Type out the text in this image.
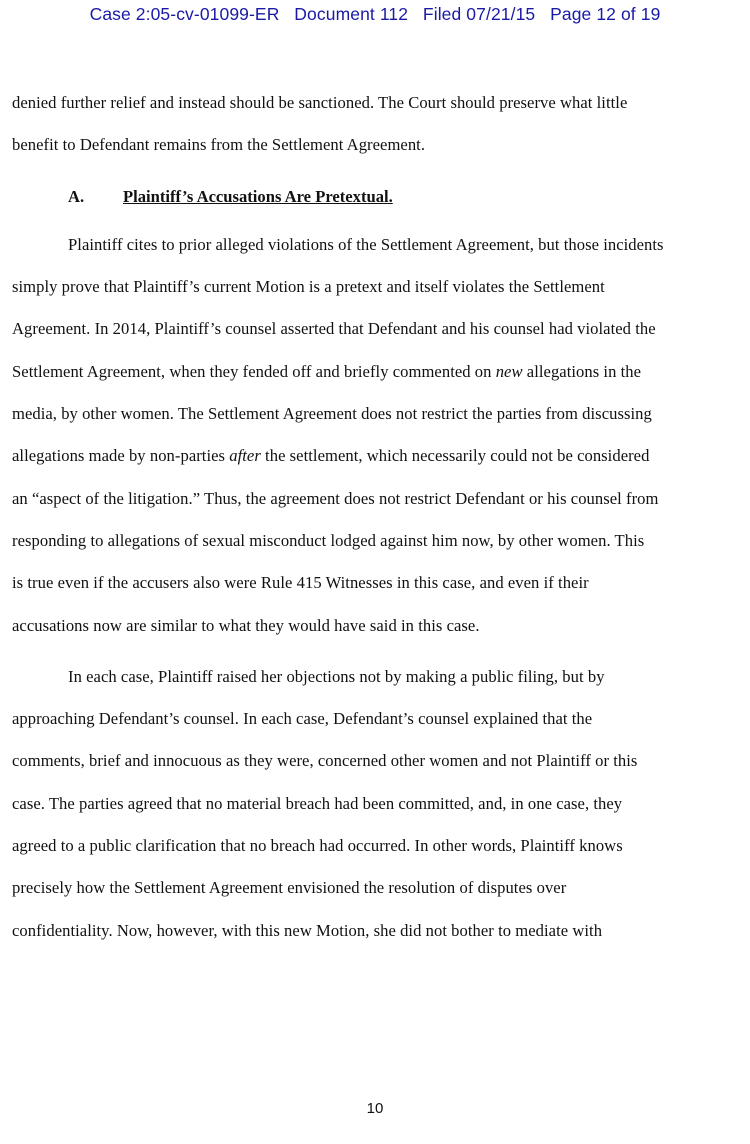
Case 2:05-cv-01099-ER   Document 112   Filed 07/21/15   Page 12 of 19
denied further relief and instead should be sanctioned. The Court should preserve what little
benefit to Defendant remains from the Settlement Agreement.
A. Plaintiff’s Accusations Are Pretextual.
Plaintiff cites to prior alleged violations of the Settlement Agreement, but those incidents
simply prove that Plaintiff’s current Motion is a pretext and itself violates the Settlement
Agreement. In 2014, Plaintiff’s counsel asserted that Defendant and his counsel had violated the
Settlement Agreement, when they fended off and briefly commented on new allegations in the
media, by other women. The Settlement Agreement does not restrict the parties from discussing
allegations made by non-parties after the settlement, which necessarily could not be considered
an “aspect of the litigation.” Thus, the agreement does not restrict Defendant or his counsel from
responding to allegations of sexual misconduct lodged against him now, by other women. This
is true even if the accusers also were Rule 415 Witnesses in this case, and even if their
accusations now are similar to what they would have said in this case.
In each case, Plaintiff raised her objections not by making a public filing, but by
approaching Defendant’s counsel. In each case, Defendant’s counsel explained that the
comments, brief and innocuous as they were, concerned other women and not Plaintiff or this
case. The parties agreed that no material breach had been committed, and, in one case, they
agreed to a public clarification that no breach had occurred. In other words, Plaintiff knows
precisely how the Settlement Agreement envisioned the resolution of disputes over
confidentiality. Now, however, with this new Motion, she did not bother to mediate with
10
